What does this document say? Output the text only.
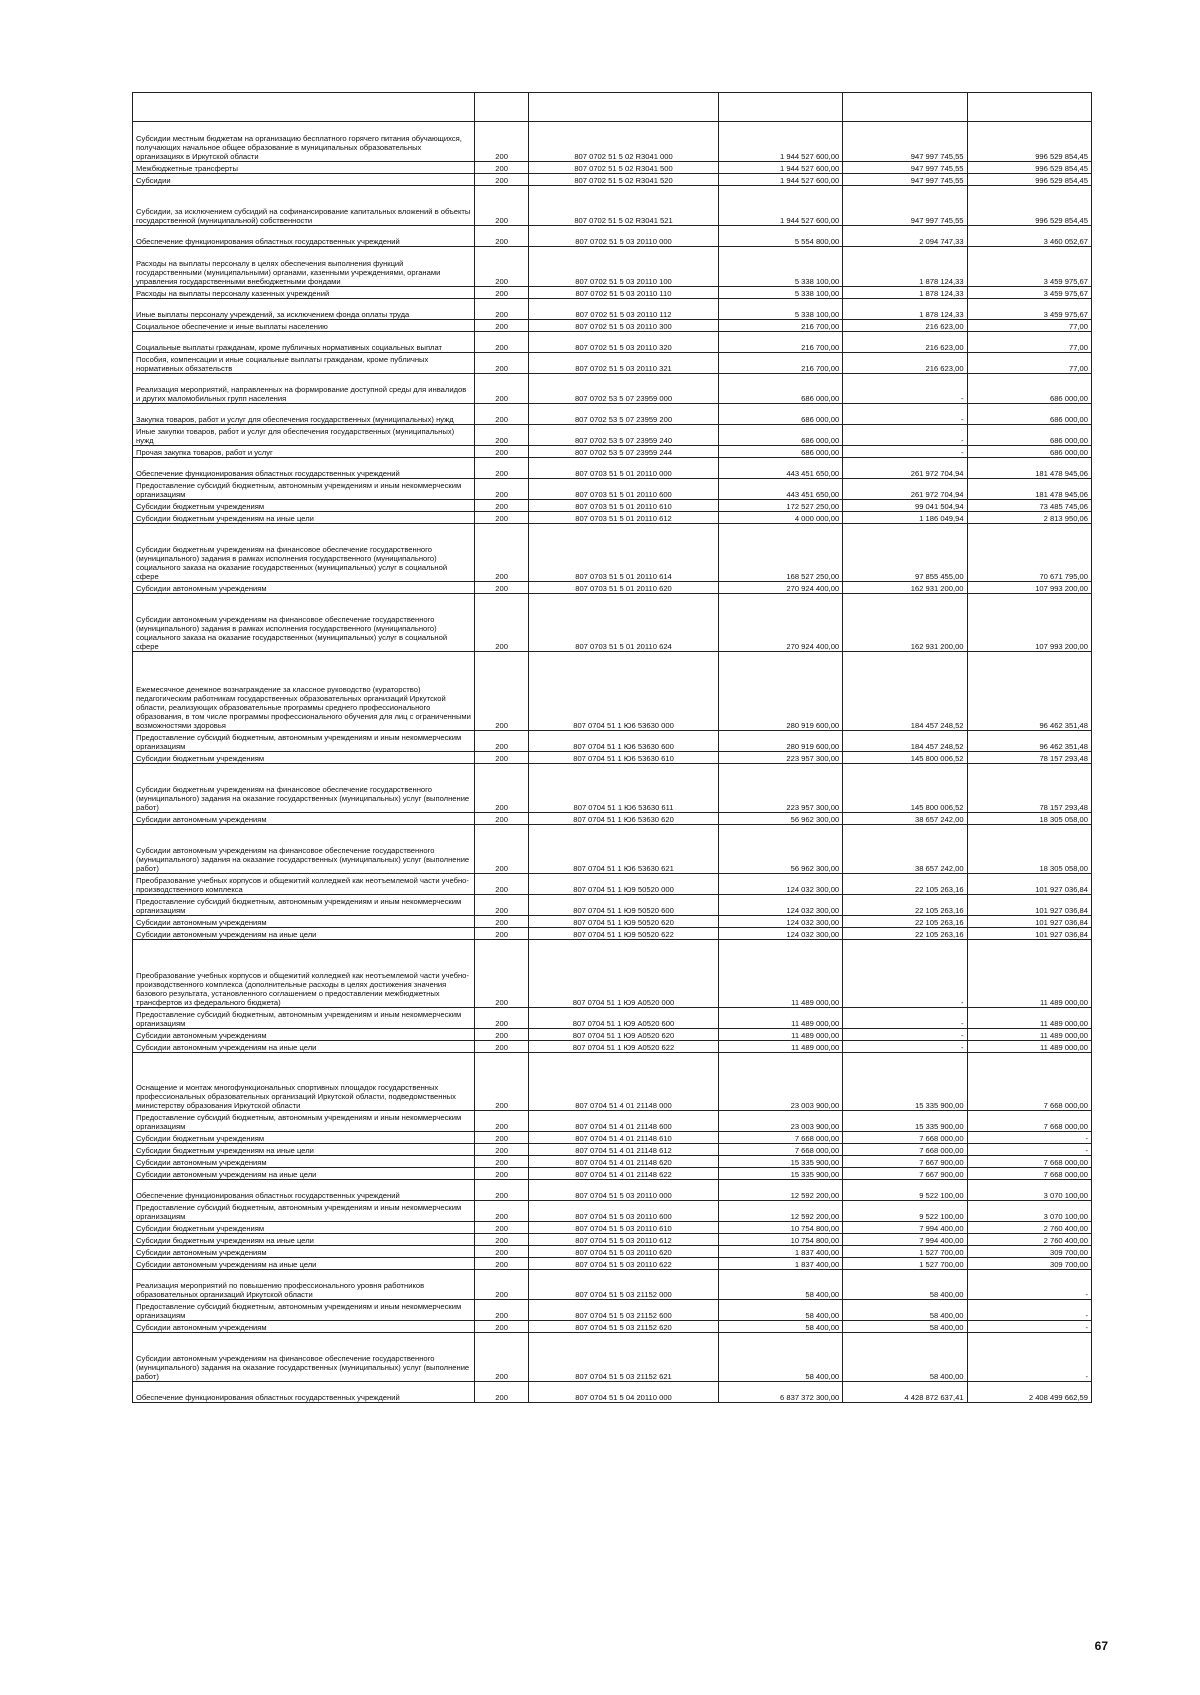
Субсидии местным бюджетам на организацию бесплатного горячего питания обучающихся, получающих начальное общее образование в муниципальных образовательных организациях в Иркутской области	200	807 0702 51 5 02 R3041 000	1 944 527 600,00	947 997 745,55	996 529 854,45
Межбюджетные трансферты	200	807 0702 51 5 02 R3041 500	1 944 527 600,00	947 997 745,55	996 529 854,45
Субсидии	200	807 0702 51 5 02 R3041 520	1 944 527 600,00	947 997 745,55	996 529 854,45
Субсидии, за исключением субсидий на софинансирование капитальных вложений в объекты государственной (муниципальной) собственности	200	807 0702 51 5 02 R3041 521	1 944 527 600,00	947 997 745,55	996 529 854,45
Обеспечение функционирования областных государственных учреждений	200	807 0702 51 5 03 20110 000	5 554 800,00	2 094 747,33	3 460 052,67
Расходы на выплаты персоналу в целях обеспечения выполнения функций государственными (муниципальными) органами, казенными учреждениями, органами управления государственными внебюджетными фондами	200	807 0702 51 5 03 20110 100	5 338 100,00	1 878 124,33	3 459 975,67
Расходы на выплаты персоналу казенных учреждений	200	807 0702 51 5 03 20110 110	5 338 100,00	1 878 124,33	3 459 975,67
Иные выплаты персоналу учреждений, за исключением фонда оплаты труда	200	807 0702 51 5 03 20110 112	5 338 100,00	1 878 124,33	3 459 975,67
Социальное обеспечение и иные выплаты населению	200	807 0702 51 5 03 20110 300	216 700,00	216 623,00	77,00
Социальные выплаты гражданам, кроме публичных нормативных социальных выплат	200	807 0702 51 5 03 20110 320	216 700,00	216 623,00	77,00
Пособия, компенсации и иные социальные выплаты гражданам, кроме публичных нормативных обязательств	200	807 0702 51 5 03 20110 321	216 700,00	216 623,00	77,00
Реализация мероприятий, направленных на формирование доступной среды для инвалидов и других маломобильных групп населения	200	807 0702 53 5 07 23959 000	686 000,00	-	686 000,00
Закупка товаров, работ и услуг для обеспечения государственных (муниципальных) нужд	200	807 0702 53 5 07 23959 200	686 000,00	-	686 000,00
Иные закупки товаров, работ и услуг для обеспечения государственных (муниципальных) нужд	200	807 0702 53 5 07 23959 240	686 000,00	-	686 000,00
Прочая закупка товаров, работ и услуг	200	807 0702 53 5 07 23959 244	686 000,00	-	686 000,00
Обеспечение функционирования областных государственных учреждений	200	807 0703 51 5 01 20110 000	443 451 650,00	261 972 704,94	181 478 945,06
Предоставление субсидий бюджетным, автономным учреждениям и иным некоммерческим организациям	200	807 0703 51 5 01 20110 600	443 451 650,00	261 972 704,94	181 478 945,06
Субсидии бюджетным учреждениям	200	807 0703 51 5 01 20110 610	172 527 250,00	99 041 504,94	73 485 745,06
Субсидии бюджетным учреждениям на иные цели	200	807 0703 51 5 01 20110 612	4 000 000,00	1 186 049,94	2 813 950,06
Субсидии бюджетным учреждениям на финансовое обеспечение государственного (муниципального) задания в рамках исполнения государственного (муниципального) социального заказа на оказание государственных (муниципальных) услуг в социальной сфере	200	807 0703 51 5 01 20110 614	168 527 250,00	97 855 455,00	70 671 795,00
Субсидии автономным учреждениям	200	807 0703 51 5 01 20110 620	270 924 400,00	162 931 200,00	107 993 200,00
Субсидии автономным учреждениям на финансовое обеспечение государственного (муниципального) задания в рамках исполнения государственного (муниципального) социального заказа на оказание государственных (муниципальных) услуг в социальной сфере	200	807 0703 51 5 01 20110 624	270 924 400,00	162 931 200,00	107 993 200,00
Ежемесячное денежное вознаграждение за классное руководство (кураторство) педагогическим работникам государственных образовательных организаций Иркутской области, реализующих образовательные программы среднего профессионального образования, в том числе программы профессионального обучения для лиц с ограниченными возможностями здоровья	200	807 0704 51 1 Ю6 53630 000	280 919 600,00	184 457 248,52	96 462 351,48
Предоставление субсидий бюджетным, автономным учреждениям и иным некоммерческим организациям	200	807 0704 51 1 Ю6 53630 600	280 919 600,00	184 457 248,52	96 462 351,48
Субсидии бюджетным учреждениям	200	807 0704 51 1 Ю6 53630 610	223 957 300,00	145 800 006,52	78 157 293,48
Субсидии бюджетным учреждениям на финансовое обеспечение государственного (муниципального) задания на оказание государственных (муниципальных) услуг (выполнение работ)	200	807 0704 51 1 Ю6 53630 611	223 957 300,00	145 800 006,52	78 157 293,48
Субсидии автономным учреждениям	200	807 0704 51 1 Ю6 53630 620	56 962 300,00	38 657 242,00	18 305 058,00
Субсидии автономным учреждениям на финансовое обеспечение государственного (муниципального) задания на оказание государственных (муниципальных) услуг (выполнение работ)	200	807 0704 51 1 Ю6 53630 621	56 962 300,00	38 657 242,00	18 305 058,00
Преобразование учебных корпусов и общежитий колледжей как неотъемлемой части учебно-производственного комплекса	200	807 0704 51 1 Ю9 50520 000	124 032 300,00	22 105 263,16	101 927 036,84
Предоставление субсидий бюджетным, автономным учреждениям и иным некоммерческим организациям	200	807 0704 51 1 Ю9 50520 600	124 032 300,00	22 105 263,16	101 927 036,84
Субсидии автономным учреждениям	200	807 0704 51 1 Ю9 50520 620	124 032 300,00	22 105 263,16	101 927 036,84
Субсидии автономным учреждениям на иные цели	200	807 0704 51 1 Ю9 50520 622	124 032 300,00	22 105 263,16	101 927 036,84
Преобразование учебных корпусов и общежитий колледжей как неотъемлемой части учебно-производственного комплекса (дополнительные расходы в целях достижения значения базового результата, установленного соглашением о предоставлении межбюджетных трансфертов из федерального бюджета)	200	807 0704 51 1 Ю9 А0520 000	11 489 000,00	-	11 489 000,00
Предоставление субсидий бюджетным, автономным учреждениям и иным некоммерческим организациям	200	807 0704 51 1 Ю9 А0520 600	11 489 000,00	-	11 489 000,00
Субсидии автономным учреждениям	200	807 0704 51 1 Ю9 А0520 620	11 489 000,00	-	11 489 000,00
Субсидии автономным учреждениям на иные цели	200	807 0704 51 1 Ю9 А0520 622	11 489 000,00	-	11 489 000,00
Оснащение и монтаж многофункциональных спортивных площадок государственных профессиональных образовательных организаций Иркутской области, подведомственных министерству образования Иркутской области	200	807 0704 51 4 01 21148 000	23 003 900,00	15 335 900,00	7 668 000,00
Предоставление субсидий бюджетным, автономным учреждениям и иным некоммерческим организациям	200	807 0704 51 4 01 21148 600	23 003 900,00	15 335 900,00	7 668 000,00
Субсидии бюджетным учреждениям	200	807 0704 51 4 01 21148 610	7 668 000,00	7 668 000,00	-
Субсидии бюджетным учреждениям на иные цели	200	807 0704 51 4 01 21148 612	7 668 000,00	7 668 000,00	-
Субсидии автономным учреждениям	200	807 0704 51 4 01 21148 620	15 335 900,00	7 667 900,00	7 668 000,00
Субсидии автономным учреждениям на иные цели	200	807 0704 51 4 01 21148 622	15 335 900,00	7 667 900,00	7 668 000,00
Обеспечение функционирования областных государственных учреждений	200	807 0704 51 5 03 20110 000	12 592 200,00	9 522 100,00	3 070 100,00
Предоставление субсидий бюджетным, автономным учреждениям и иным некоммерческим организациям	200	807 0704 51 5 03 20110 600	12 592 200,00	9 522 100,00	3 070 100,00
Субсидии бюджетным учреждениям	200	807 0704 51 5 03 20110 610	10 754 800,00	7 994 400,00	2 760 400,00
Субсидии бюджетным учреждениям на иные цели	200	807 0704 51 5 03 20110 612	10 754 800,00	7 994 400,00	2 760 400,00
Субсидии автономным учреждениям	200	807 0704 51 5 03 20110 620	1 837 400,00	1 527 700,00	309 700,00
Субсидии автономным учреждениям на иные цели	200	807 0704 51 5 03 20110 622	1 837 400,00	1 527 700,00	309 700,00
Реализация мероприятий по повышению профессионального уровня работников образовательных организаций Иркутской области	200	807 0704 51 5 03 21152 000	58 400,00	58 400,00	-
Предоставление субсидий бюджетным, автономным учреждениям и иным некоммерческим организациям	200	807 0704 51 5 03 21152 600	58 400,00	58 400,00	-
Субсидии автономным учреждениям	200	807 0704 51 5 03 21152 620	58 400,00	58 400,00	-
Субсидии автономным учреждениям на финансовое обеспечение государственного (муниципального) задания на оказание государственных (муниципальных) услуг (выполнение работ)	200	807 0704 51 5 03 21152 621	58 400,00	58 400,00	-
Обеспечение функционирования областных государственных учреждений	200	807 0704 51 5 04 20110 000	6 837 372 300,00	4 428 872 637,41	2 408 499 662,59
67
